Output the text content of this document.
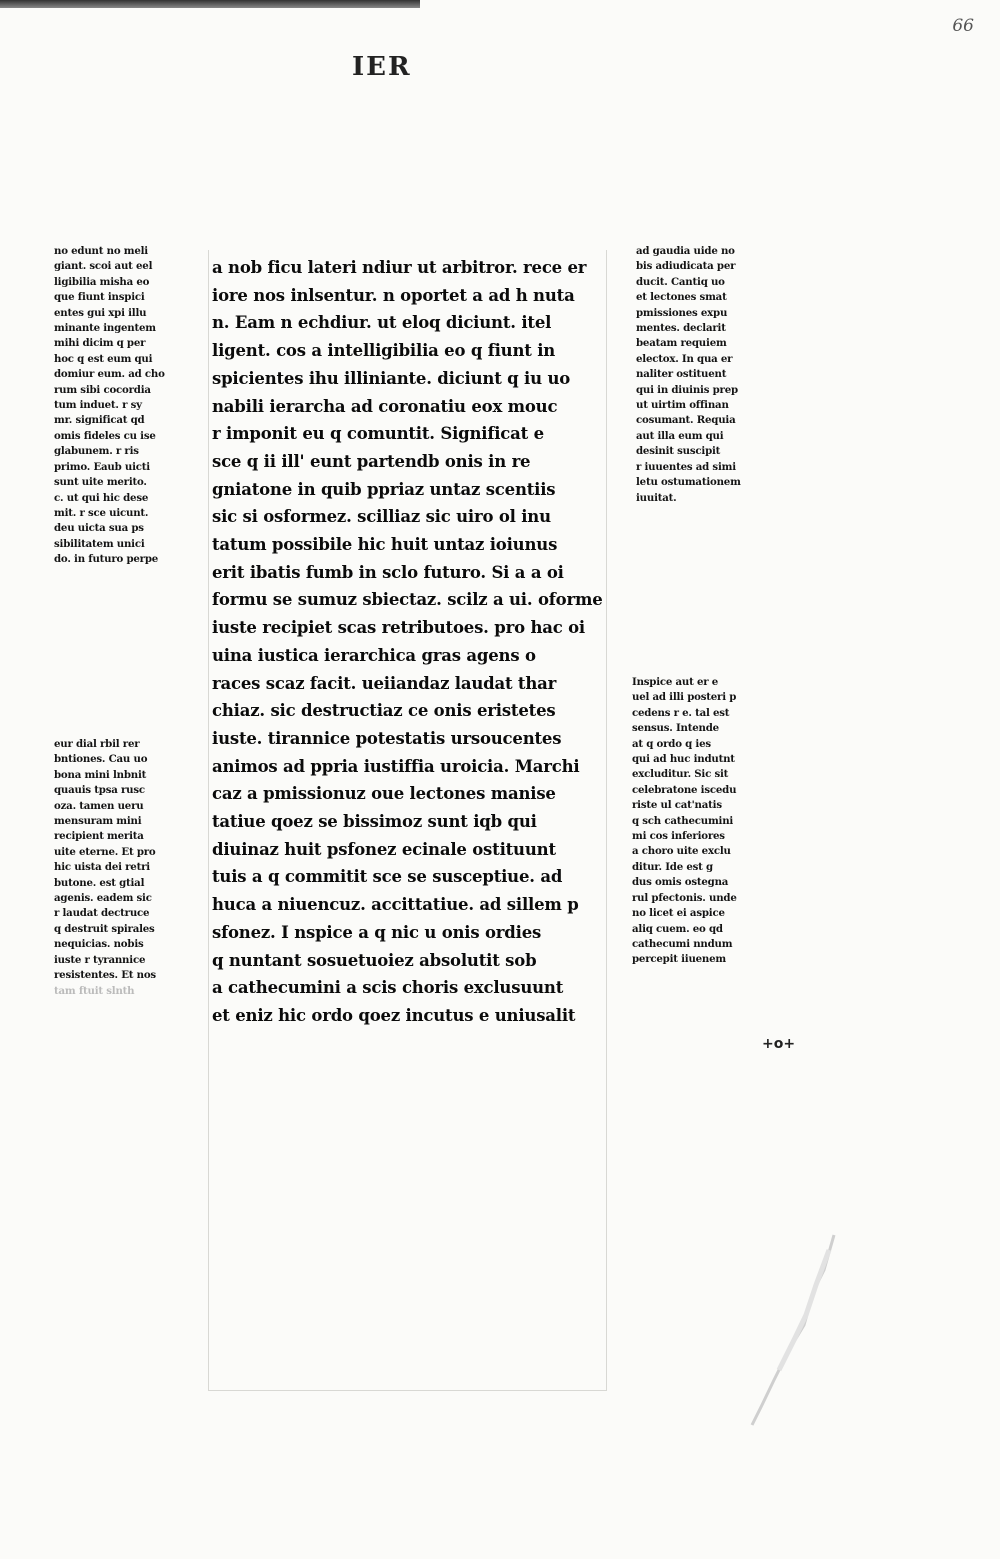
66
IER
no edunt no meli
giant. scoi aut eel
ligibilia misha eo
que fiunt inspici
entes gui xpi illu
minante ingentem
mihi dicim q per
hoc q est eum qui
domiur eum. ad cho
rum sibi cocordia
tum induet. r sy
mr. significat qd
omis fideles cu ise
glabunem. r ris
primo. Eaub uicti
sunt uite merito.
c. ut qui hic dese
mit. r sce uicunt.
deu uicta sua ps
sibilitatem unici
do. in futuro perpe
a nob ficu lateri ndiur ut arbitror. rece er
iore nos inlsentur. n oportet a ad h nuta
n. Eam n echdiur. ut eloq diciunt. itel
ligent. cos a intelligibilia eo q fiunt in
spicientes ihu illiniante. diciunt q iu uo
nabili ierarcha ad coronatiu eox mouc
r imponit eu q comuntit. Significat e
sce q ii ill' eunt partendb onis in re
gniatone in quib ppriaz untaz scentiis
sic si osformez. scilliaz sic uiro ol inu
tatum possibile hic huit untaz ioiunus
erit ibatis fumb in sclo futuro. Si a a oi
formu se sumuz sbiectaz. scilz a ui. oforme
iuste recipiet scas retributoes. pro hac oi
uina iustica ierarchica gras agens o
races scaz facit. ueiiandaz laudat thar
chiaz. sic destructiaz ce onis eristetes
iuste. tirannice potestatis ursoucentes
animos ad ppria iustiffia uroicia. Marchi
caz a pmissionuz oue lectones manise
tatiue qoez se bissimoz sunt iqb qui
diuinaz huit psfonez ecinale ostituunt
tuis a q commitit sce se susceptiue. ad
huca a niuencuz. accittatiue. ad sillem p
sfonez. I nspice a q nic u onis ordies
q nuntant sosuetuoiez absolutit sob
a cathecumini a scis choris exclusuunt
et eniz hic ordo qoez incutus e uniusalit
eur dial rbil rer
bntiones. Cau uo
bona mini lnbnit
quauis tpsa rusc
oza. tamen ueru
mensuram mini
recipient merita
uite eterne. Et pro
hic uista dei retri
butone. est gtial
agenis. eadem sic
r laudat dectruce
q destruit spirales
nequicias. nobis
iuste r tyrannice
resistentes. Et nos
tam ftuit slnth
ad gaudia uide no
bis adiudicata per
ducit. Cantiq uo
et lectones smat
pmissiones expu
mentes. declarit
beatam requiem
electox. In qua er
naliter ostituent
qui in diuinis prep
ut uirtim offinan
cosumant. Requia
aut illa eum qui
desinit suscipit
r iuuentes ad simi
letu ostumationem
iuuitat.
Inspice aut er e
uel ad illi posteri p
cedens r e. tal est
sensus. Intende
at q ordo q ies
qui ad huc indutnt
excluditur. Sic sit
celebratone iscedu
riste ul cat'natis
q sch cathecumini
mi cos inferiores
a choro uite exclu
ditur. Ide est g
dus omis ostegna
rul pfectonis. unde
no licet ei aspice
aliq cuem. eo qd
cathecumi nndum
percepit iiuenem
+o+
